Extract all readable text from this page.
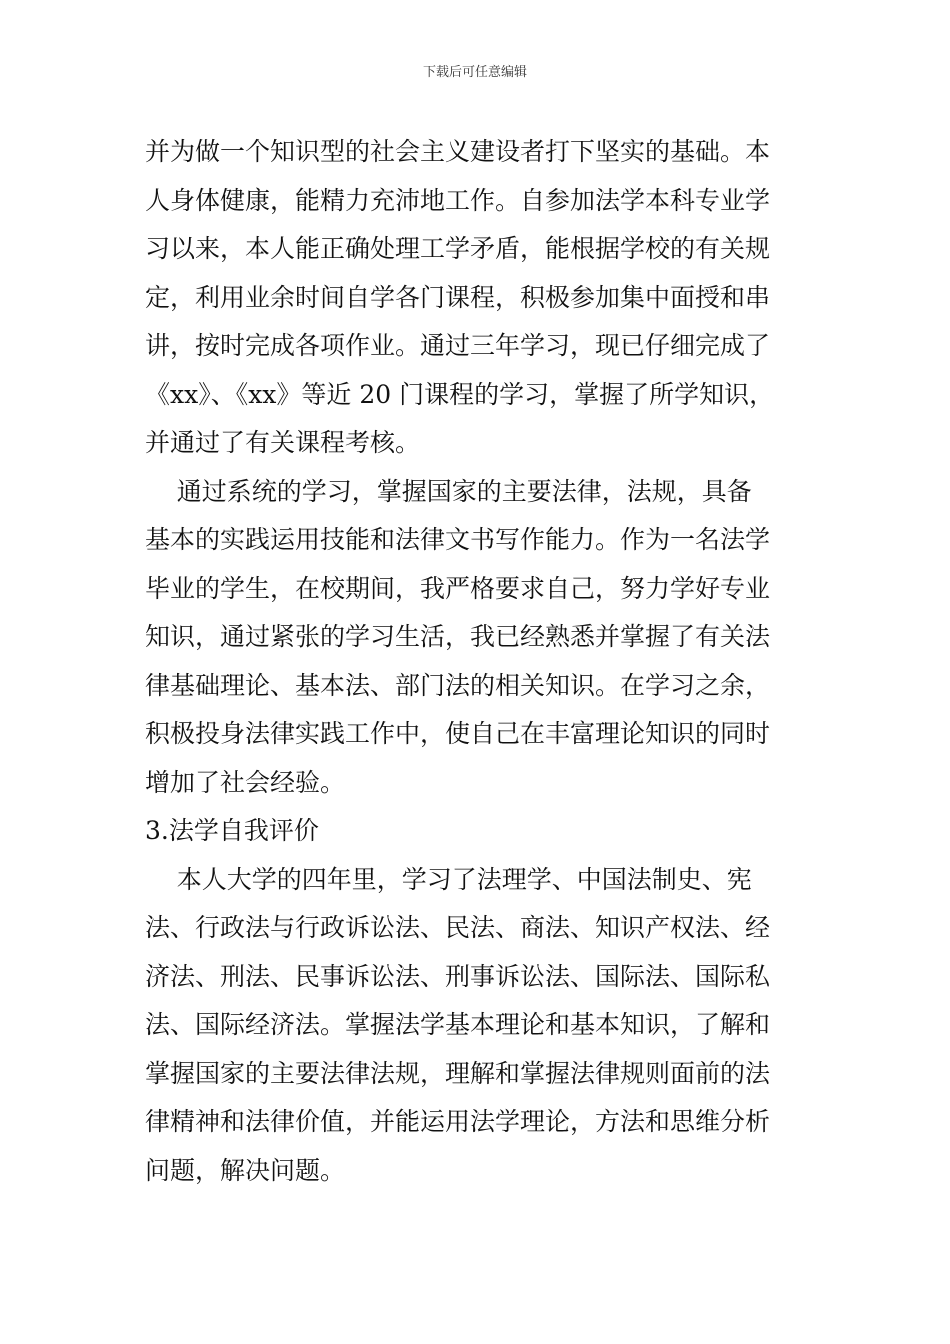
下载后可任意编辑
并为做一个知识型的社会主义建设者打下坚实的基础。本
人身体健康，能精力充沛地工作。自参加法学本科专业学
习以来，本人能正确处理工学矛盾，能根据学校的有关规
定，利用业余时间自学各门课程，积极参加集中面授和串
讲，按时完成各项作业。通过三年学习，现已仔细完成了
《xx》、《xx》等近 20 门课程的学习，掌握了所学知识，
并通过了有关课程考核。
通过系统的学习，掌握国家的主要法律，法规，具备
基本的实践运用技能和法律文书写作能力。作为一名法学
毕业的学生，在校期间，我严格要求自己，努力学好专业
知识，通过紧张的学习生活，我已经熟悉并掌握了有关法
律基础理论、基本法、部门法的相关知识。在学习之余，
积极投身法律实践工作中，使自己在丰富理论知识的同时
增加了社会经验。
3.法学自我评价
本人大学的四年里，学习了法理学、中国法制史、宪
法、行政法与行政诉讼法、民法、商法、知识产权法、经
济法、刑法、民事诉讼法、刑事诉讼法、国际法、国际私
法、国际经济法。掌握法学基本理论和基本知识，了解和
掌握国家的主要法律法规，理解和掌握法律规则面前的法
律精神和法律价值，并能运用法学理论，方法和思维分析
问题，解决问题。
